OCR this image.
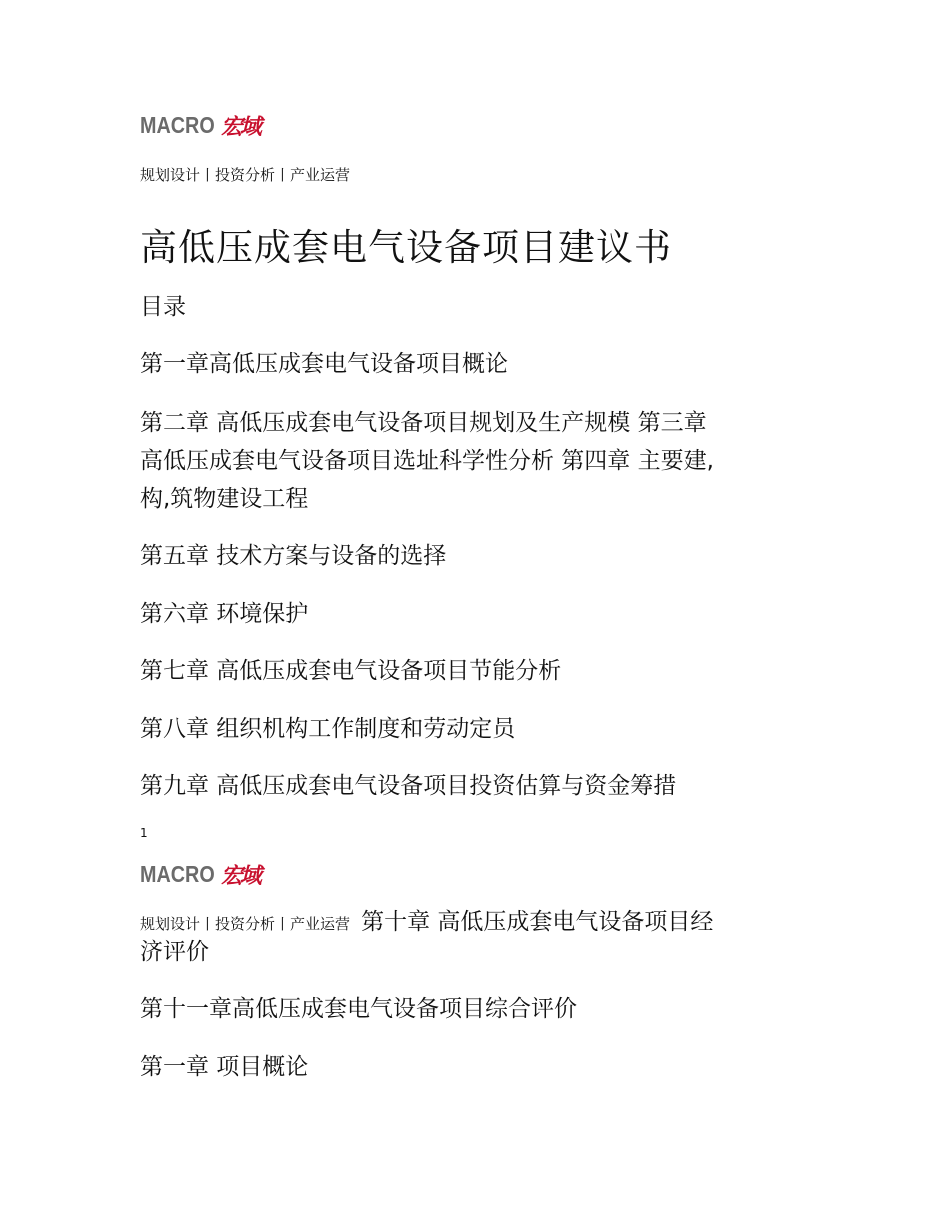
MACRO 宏域
规划设计丨投资分析丨产业运营
高低压成套电气设备项目建议书
目录
第一章高低压成套电气设备项目概论
第二章 高低压成套电气设备项目规划及生产规模 第三章
高低压成套电气设备项目选址科学性分析 第四章 主要建,
构,筑物建设工程
第五章 技术方案与设备的选择
第六章 环境保护
第七章 高低压成套电气设备项目节能分析
第八章 组织机构工作制度和劳动定员
第九章 高低压成套电气设备项目投资估算与资金筹措
1
MACRO 宏域
规划设计丨投资分析丨产业运营 第十章 高低压成套电气设备项目经
济评价
第十一章高低压成套电气设备项目综合评价
第一章 项目概论
